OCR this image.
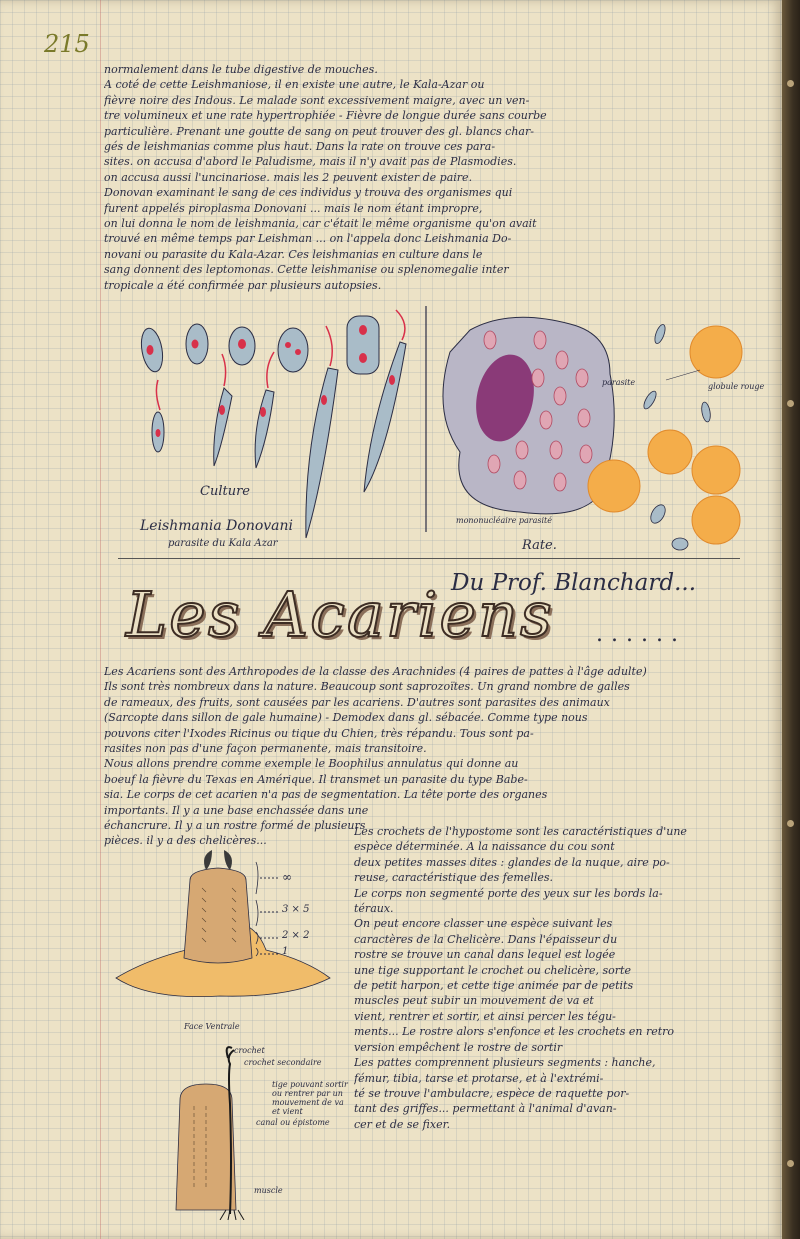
215
normalement dans le tube digestive de mouches.
A coté de cette Leishmaniose, il en existe une autre, le Kala-Azar ou
fièvre noire des Indous. Le malade sont excessivement maigre, avec un ven-
tre volumineux et une rate hypertrophiée - Fièvre de longue durée sans courbe
particulière. Prenant une goutte de sang on peut trouver des gl. blancs char-
gés de leishmanias comme plus haut. Dans la rate on trouve ces para-
sites. on accusa d'abord le Paludisme, mais il n'y avait pas de Plasmodies.
on accusa aussi l'uncinariose. mais les 2 peuvent exister de paire.
Donovan examinant le sang de ces individus y trouva des organismes qui
furent appelés piroplasma Donovani ... mais le nom étant impropre,
on lui donna le nom de leishmania, car c'était le même organisme qu'on avait
trouvé en même temps par Leishman ... on l'appela donc Leishmania Do-
novani ou parasite du Kala-Azar. Ces leishmanias en culture dans le
sang donnent des leptomonas. Cette leishmanise ou splenomegalie inter
tropicale a été confirmée par plusieurs autopsies.
Culture
Leishmania Donovani
parasite du Kala Azar
mononucléaire parasité
Rate.
parasite	globule rouge
Les Acariens
Du Prof. Blanchard...
......
Les Acariens sont des Arthropodes de la classe des Arachnides (4 paires de pattes à l'âge adulte)
Ils sont très nombreux dans la nature. Beaucoup sont saprozoïtes. Un grand nombre de galles
de rameaux, des fruits, sont causées par les acariens. D'autres sont parasites des animaux
(Sarcopte dans sillon de gale humaine) - Demodex dans gl. sébacée. Comme type nous
pouvons citer l'Ixodes Ricinus ou tique du Chien, très répandu. Tous sont pa-
rasites non pas d'une façon permanente, mais transitoire.
Nous allons prendre comme exemple le Boophilus annulatus qui donne au
boeuf la fièvre du Texas en Amérique. Il transmet un parasite du type Babe-
sia. Le corps de cet acarien n'a pas de segmentation. La tête porte des organes
importants. Il y a une base enchassée dans une
échancrure. Il y a un rostre formé de plusieurs
pièces. il y a des chelicères...
Les crochets de l'hypostome sont les caractéristiques d'une
espèce déterminée. A la naissance du cou sont
deux petites masses dites : glandes de la nuque, aire po-
reuse, caractéristique des femelles.
Le corps non segmenté porte des yeux sur les bords la-
téraux.
On peut encore classer une espèce suivant les
caractères de la Chelicère. Dans l'épaisseur du
rostre se trouve un canal dans lequel est logée
une tige supportant le crochet ou chelicère, sorte
de petit harpon, et cette tige animée par de petits
muscles peut subir un mouvement de va et
vient, rentrer et sortir, et ainsi percer les tégu-
ments... Le rostre alors s'enfonce et les crochets en retro
version empêchent le rostre de sortir
Les pattes comprennent plusieurs segments : hanche,
fémur, tibia, tarse et protarse, et à l'extrémi-
té se trouve l'ambulacre, espèce de raquette por-
tant des griffes... permettant à l'animal d'avan-
cer et de se fixer.
∞
3 × 5
2 × 2
1
Face Ventrale
crochet
crochet secondaire
tige pouvant sortir ou rentrer par un mouvement de va et vient
canal ou épistome
muscle
